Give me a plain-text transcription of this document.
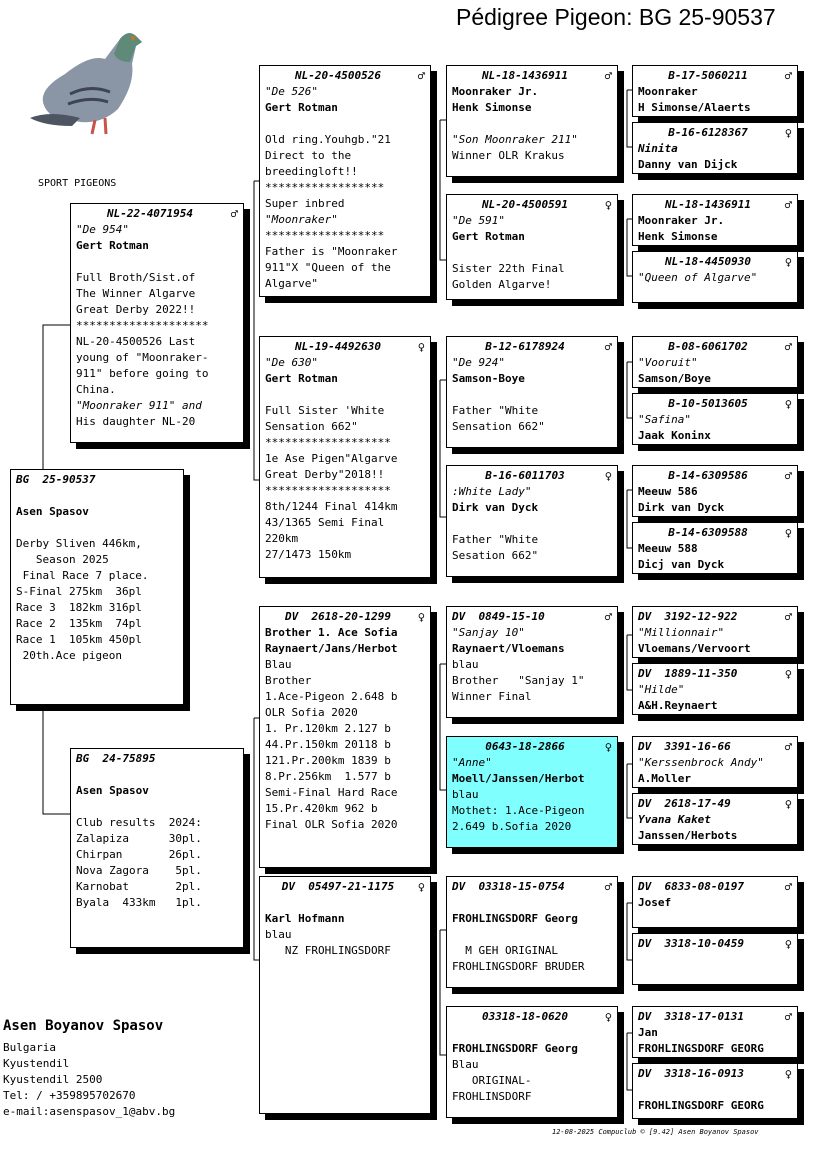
Pédigree Pigeon: BG 25-90537
SPORT PIGEONS
BG  25-90537

Asen Spasov

Derby Sliven 446km,
Season 2025
Final Race 7 place.
S-Final 275km  36pl
Race 3  182km 316pl
Race 2  135km  74pl
Race 1  105km 450pl
20th.Ace pigeon
NL-22-4071954	♂
"De 954"
Gert Rotman

Full Broth/Sist.of
The Winner Algarve
Great Derby 2022!!
********************
NL-20-4500526 Last
young of "Moonraker-
911" before going to
China.
"Moonraker 911" and
His daughter NL-20
BG  24-75895

Asen Spasov

Club results  2024:
Zalapiza      30pl.
Chirpan       26pl.
Nova Zagora    5pl.
Karnobat       2pl.
Byala  433km   1pl.
NL-20-4500526	♂
"De 526"
Gert Rotman

Old ring.Youhgb."21
Direct to the
breedingloft!!
******************
Super inbred
"Moonraker"
******************
Father is "Moonraker
911"X "Queen of the
Algarve"
NL-19-4492630	♀
"De 630"
Gert Rotman

Full Sister 'White
Sensation 662"
*******************
1e Ase Pigen"Algarve
Great Derby"2018!!
*******************
8th/1244 Final 414km
43/1365 Semi Final
220km
27/1473 150km
DV  2618-20-1299	♀
Brother 1. Ace Sofia
Raynaert/Jans/Herbot
Blau
Brother
1.Ace-Pigeon 2.648 b
OLR Sofia 2020
1. Pr.120km 2.127 b
44.Pr.150km 20118 b
121.Pr.200km 1839 b
8.Pr.256km  1.577 b
Semi-Final Hard Race
15.Pr.420km 962 b
Final OLR Sofia 2020
DV  05497-21-1175	♀

Karl Hofmann
blau
NZ FROHLINGSDORF
NL-18-1436911	♂
Moonraker Jr.
Henk Simonse

"Son Moonraker 211"
Winner OLR Krakus
NL-20-4500591	♀
"De 591"
Gert Rotman

Sister 22th Final
Golden Algarve!
B-12-6178924	♂
"De 924"
Samson-Boye

Father "White
Sensation 662"
B-16-6011703	♀
:White Lady"
Dirk van Dyck

Father "White
Sesation 662"
DV  0849-15-10	♂
"Sanjay 10"
Raynaert/Vloemans
blau
Brother   "Sanjay 1"
Winner Final
0643-18-2866	♀
"Anne"
Moell/Janssen/Herbot
blau
Mothet: 1.Ace-Pigeon
2.649 b.Sofia 2020
DV  03318-15-0754	♂

FROHLINGSDORF Georg

M GEH ORIGINAL
FROHLINGSDORF BRUDER
03318-18-0620	♀

FROHLINGSDORF Georg
Blau
ORIGINAL-
FROHLINSDORF
B-17-5060211	♂
Moonraker
H Simonse/Alaerts
B-16-6128367	♀
Ninita
Danny van Dijck
NL-18-1436911	♂
Moonraker Jr.
Henk Simonse
NL-18-4450930	♀
"Queen of Algarve"
B-08-6061702	♂
"Vooruit"
Samson/Boye
B-10-5013605	♀
"Safina"
Jaak Koninx
B-14-6309586	♂
Meeuw 586
Dirk van Dyck
B-14-6309588	♀
Meeuw 588
Dicj van Dyck
DV  3192-12-922	♂
"Millionnair"
Vloemans/Vervoort
DV  1889-11-350	♀
"Hilde"
A&H.Reynaert
DV  3391-16-66	♂
"Kerssenbrock Andy"
A.Moller
DV  2618-17-49	♀
Yvana Kaket
Janssen/Herbots
DV  6833-08-0197	♂
Josef
DV  3318-10-0459	♀
DV  3318-17-0131	♂
Jan
FROHLINGSDORF GEORG
DV  3318-16-0913	♀

FROHLINGSDORF GEORG
Asen Boyanov Spasov
Bulgaria
Kyustendil
Kyustendil 2500
Tel: / +359895702670
e-mail:asenspasov_1@abv.bg
12-08-2025 Compuclub © [9.42] Asen Boyanov Spasov
